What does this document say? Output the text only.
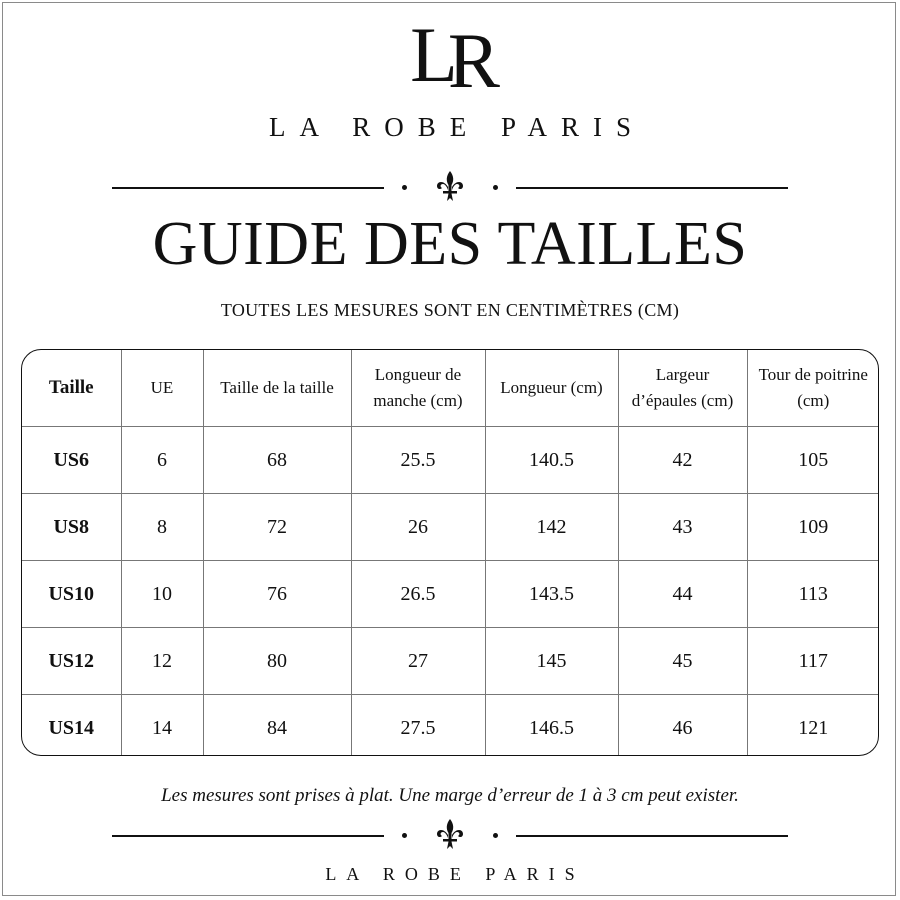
LR
LA ROBE PARIS
GUIDE DES TAILLES
TOUTES LES MESURES SONT EN CENTIMÈTRES (CM)
Taille	UE	Taille de la taille	Longueur de manche (cm)	Longueur (cm)	Largeur d’épaules (cm)	Tour de poitrine (cm)
US6	6	68	25.5	140.5	42	105
US8	8	72	26	142	43	109
US10	10	76	26.5	143.5	44	113
US12	12	80	27	145	45	117
US14	14	84	27.5	146.5	46	121
Les mesures sont prises à plat. Une marge d’erreur de 1 à 3 cm peut exister.
LA ROBE PARIS
